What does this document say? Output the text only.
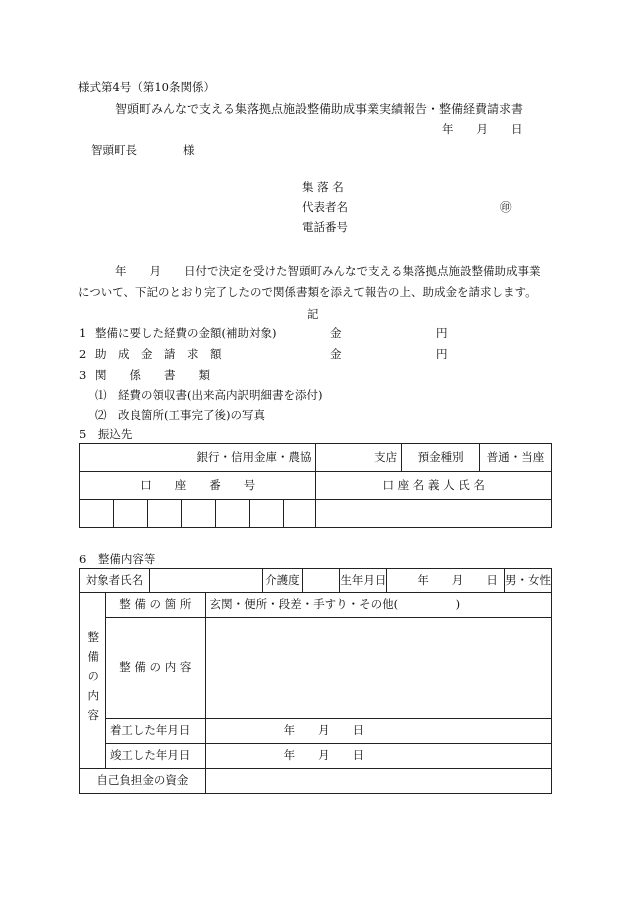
様式第4号（第10条関係）
智頭町みんなで支える集落拠点施設整備助成事業実績報告・整備経費請求書
年　　月　　日
智頭町長　　　　様
集 落 名
代表者名	㊞
電話番号
年　　月　　日付で決定を受けた智頭町みんなで支える集落拠点施設整備助成事業
について、下記のとおり完了したので関係書類を添えて報告の上、助成金を請求します。
記
1 整備に要した経費の金額(補助対象)	金	円
2 助　成　金　請　求　額	金	円
3 関　　係　　書　　類
⑴　経費の領収書(出来高内訳明細書を添付)
⑵　改良箇所(工事完了後)の写真
5　振込先
銀行・信用金庫・農協							支店	預金種別	普通・当座
口　　座　　番　　号							口 座 名 義 人 氏 名		

6　整備内容等
対象者氏名				介護度		生年月日	年　　月　　日	男・女性
整備の内容	整 備 の 箇 所		玄関・便所・段差・手すり・その他(　　　　　)					
	整 備 の 内 容							
	着工した年月日		年　　月　　日					
	竣工した年月日		年　　月　　日					
自己負担金の資金								
